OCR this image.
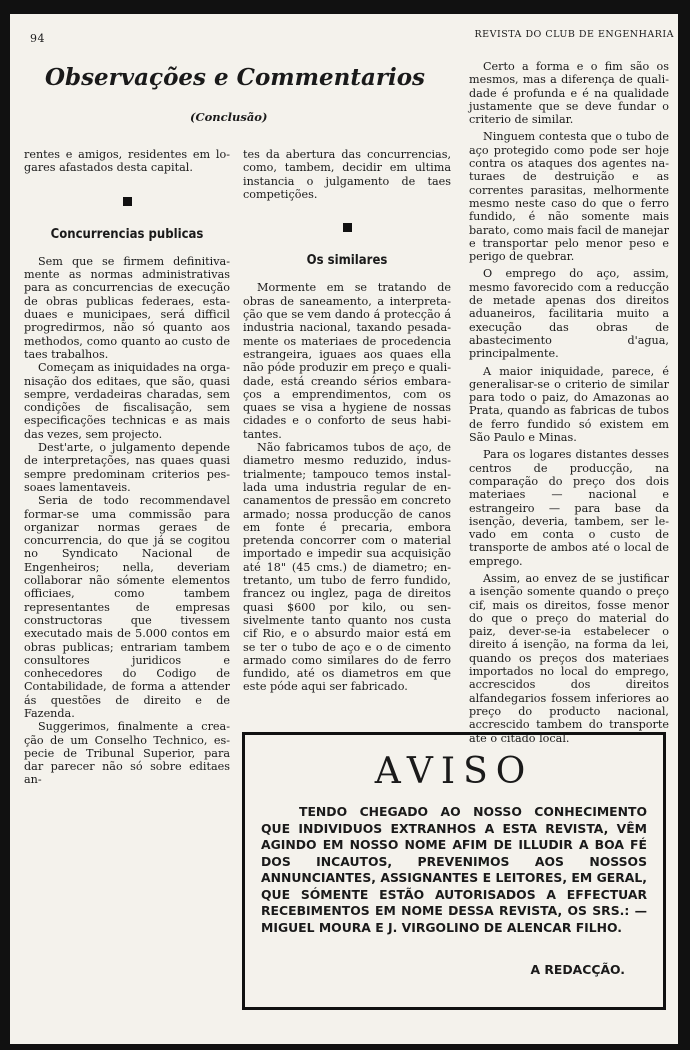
94	REVISTA DO CLUB DE ENGENHARIA
Observações e Commentarios
(Conclusão)

rentes e amigos, residentes em logares afastados desta capital.

Concurrencias publicas

Sem que se firmem definitivamente as normas administrativas para as concurrencias de execução de obras publicas federaes, estaduaes e municipaes, será difficil progredirmos, não só quanto aos methodos, como quanto ao custo de taes trabalhos.

Começam as iniquidades na organisação dos editaes, que são, quasi sempre, verdadeiras charadas, sem condições de fiscalisação, sem especificações technicas e as mais das vezes, sem projecto.

Dest'arte, o julgamento depende de interpretações, nas quaes quasi sempre predominam criterios pessoaes lamentaveis.

Seria de todo recommendavel formar-se uma commissão para organizar normas geraes de concurrencia, do que já se cogitou no Syndicato Nacional de Engenheiros; nella, deveriam collaborar não sómente elementos officiaes, como tambem representantes de empresas constructoras que tivessem executado mais de 5.000 contos em obras publicas; entrariam tambem consultores juridicos e conhecedores do Codigo de Contabilidade, de forma a attender ás questões de direito e de Fazenda.

Suggerimos, finalmente a creação de um Conselho Technico, especie de Tribunal Superior, para dar parecer não só sobre editaes an-

tes da abertura das concurrencias, como, tambem, decidir em ultima instancia o julgamento de taes competições.

Os similares

Mormente em se tratando de obras de saneamento, a interpretação que se vem dando á protecção á industria nacional, taxando pesadamente os materiaes de procedencia estrangeira, iguaes aos quaes ella não póde produzir em preço e qualidade, está creando sérios embaraços a emprendimentos, com os quaes se visa a hygiene de nossas cidades e o conforto de seus habitantes.

Não fabricamos tubos de aço, de diametro mesmo reduzido, industrialmente; tampouco temos installada uma industria regular de encanamentos de pressão em concreto armado; nossa producção de canos em fonte é precaria, embora pretenda concorrer com o material importado e impedir sua acquisição até 18" (45 cms.) de diametro; entretanto, um tubo de ferro fundido, francez ou inglez, paga de direitos quasi $600 por kilo, ou sensivelmente tanto quanto nos custa cif Rio, e o absurdo maior está em se ter o tubo de aço e o de cimento armado como similares do de ferro fundido, até os diametros em que este póde aqui ser fabricado.

Certo a forma e o fim são os mesmos, mas a diferença de qualidade é profunda e é na qualidade justamente que se deve fundar o criterio de similar.

Ninguem contesta que o tubo de aço protegido como pode ser hoje contra os ataques dos agentes naturaes de destruição e as correntes parasitas, melhormente mesmo neste caso do que o ferro fundido, é não somente mais barato, como mais facil de manejar e transportar pelo menor peso e perigo de quebrar.

O emprego do aço, assim, mesmo favorecido com a reducção de metade apenas dos direitos aduaneiros, facilitaria muito a execução das obras de abastecimento d'agua, principalmente.

A maior iniquidade, parece, é generalisar-se o criterio de similar para todo o paiz, do Amazonas ao Prata, quando as fabricas de tubos de ferro fundido só existem em São Paulo e Minas.

Para os logares distantes desses centros de producção, na comparação do preço dos dois materiaes — nacional e estrangeiro — para base da isenção, deveria, tambem, ser levado em conta o custo de transporte de ambos até o local de emprego.

Assim, ao envez de se justificar a isenção somente quando o preço cif, mais os direitos, fosse menor do que o preço do material do paiz, dever-se-ia estabelecer o direito á isenção, na forma da lei, quando os preços dos materiaes importados no local do emprego, accrescidos dos direitos alfandegarios fossem inferiores ao preço do producto nacional, accrescido tambem do transporte até o citado local.

AVISO

TENDO CHEGADO AO NOSSO CONHECIMENTO QUE INDIVIDUOS EXTRANHOS A ESTA REVISTA, VÊM AGINDO EM NOSSO NOME AFIM DE ILLUDIR A BOA FÉ DOS INCAUTOS, PREVENIMOS AOS NOSSOS ANNUNCIANTES, ASSIGNANTES E LEITORES, EM GERAL, QUE SÓMENTE ESTÃO AUTORISADOS A EFFECTUAR RECEBIMENTOS EM NOME DESSA REVISTA, OS SRS.: — MIGUEL MOURA E J. VIRGOLINO DE ALENCAR FILHO.

A REDACÇÃO.
